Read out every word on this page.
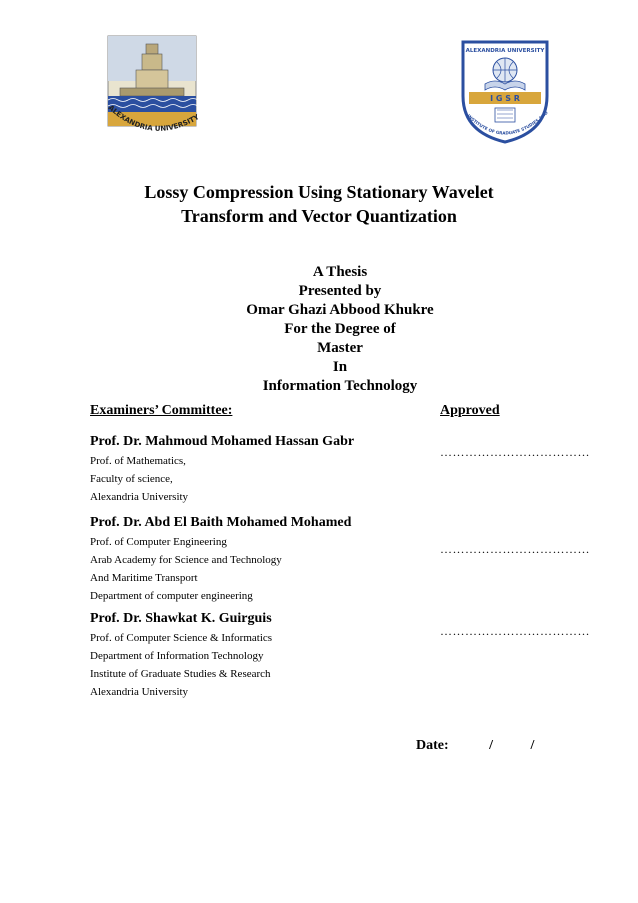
ALEXANDRIA UNIVERSITY
ALEXANDRIA UNIVERSITY
I G S R
INSTITUTE OF GRADUATE STUDIES AND
Lossy Compression Using Stationary Wavelet
Transform and Vector Quantization
A Thesis
Presented by
Omar Ghazi Abbood Khukre
For the Degree of
Master
In
Information Technology
Examiners’ Committee:	Approved
Prof. Dr. Mahmoud Mohamed Hassan Gabr
Prof. of Mathematics,
Faculty of science,
Alexandria University
………………………………
Prof. Dr. Abd El Baith Mohamed Mohamed
Prof. of Computer Engineering
Arab Academy for Science and Technology
And Maritime Transport
Department of computer engineering
………………………………
Prof. Dr. Shawkat K. Guirguis
Prof. of Computer Science & Informatics
Department of Information Technology
Institute of Graduate Studies & Research
Alexandria University
………………………………
Date:	/	/
